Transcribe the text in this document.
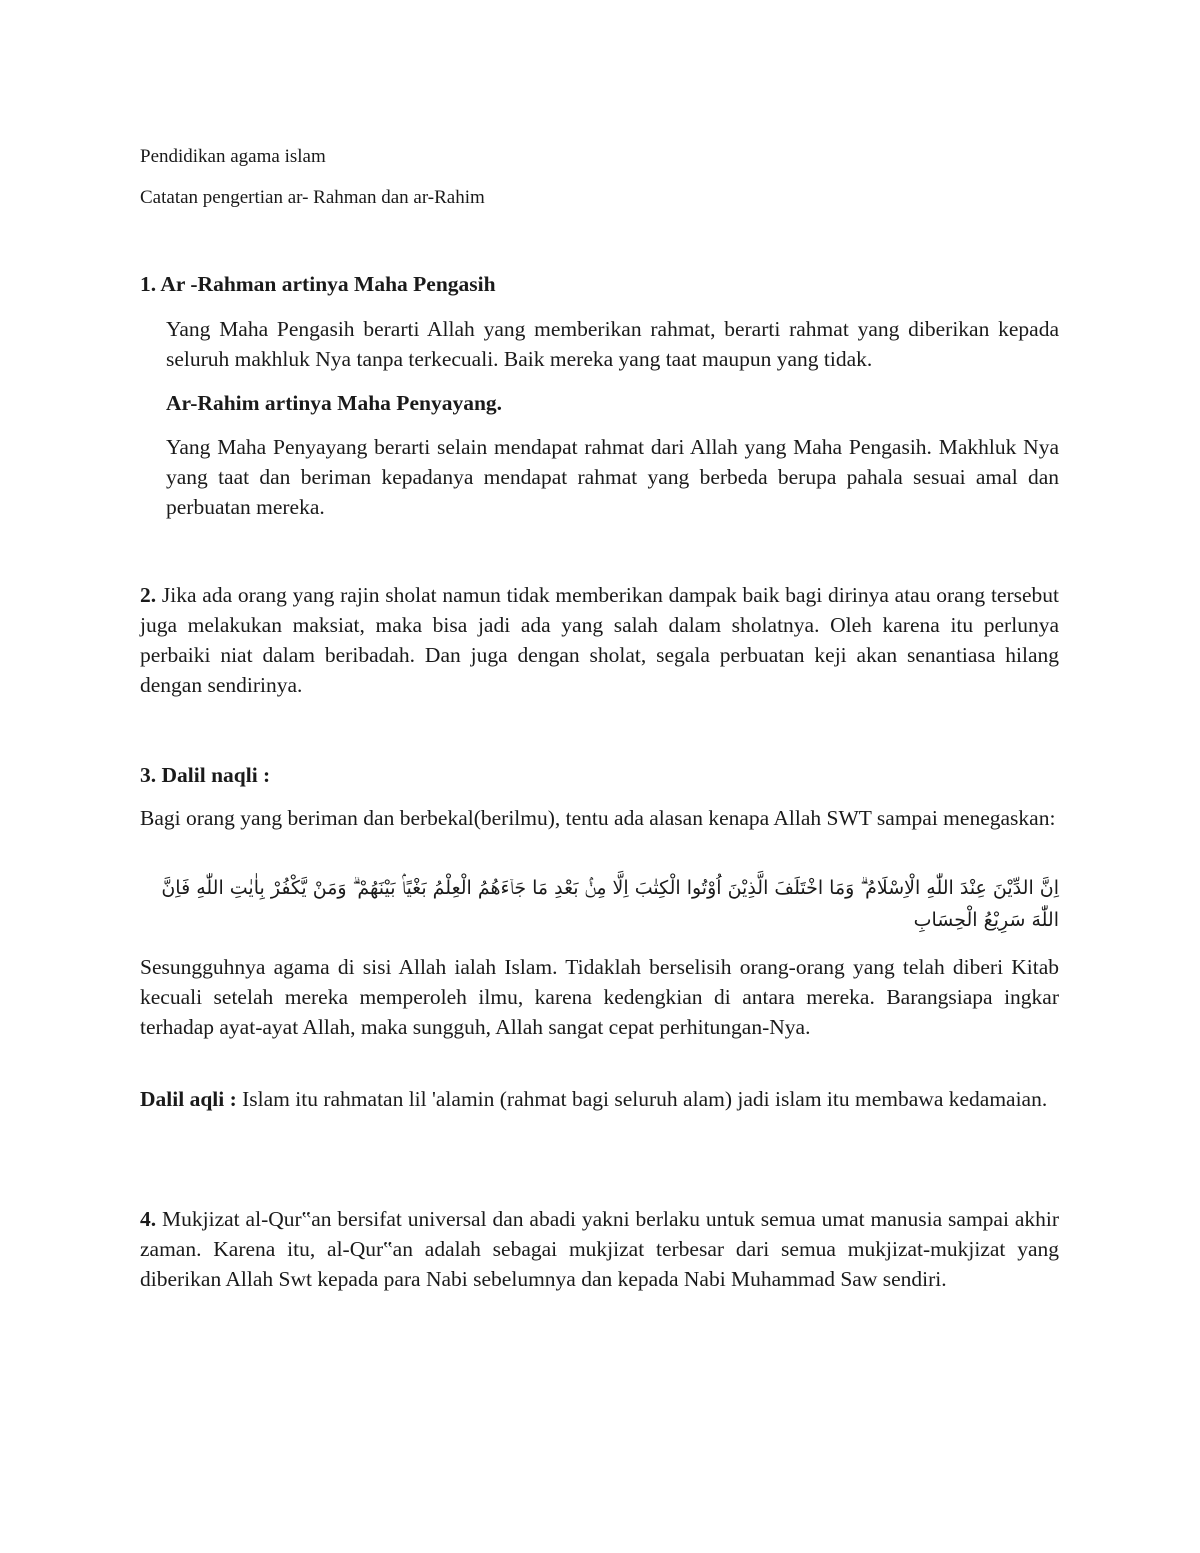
Pendidikan agama islam
Catatan pengertian ar- Rahman dan ar-Rahim
1. Ar -Rahman artinya Maha Pengasih
Yang Maha Pengasih berarti Allah yang memberikan rahmat, berarti rahmat yang diberikan kepada seluruh makhluk Nya tanpa terkecuali. Baik mereka yang taat maupun yang tidak.
Ar-Rahim artinya Maha Penyayang.
Yang Maha Penyayang berarti selain mendapat rahmat dari Allah yang Maha Pengasih. Makhluk Nya yang taat dan beriman kepadanya mendapat rahmat yang berbeda berupa pahala sesuai amal dan perbuatan mereka.
2. Jika ada orang yang rajin sholat namun tidak memberikan dampak baik bagi dirinya atau orang tersebut juga melakukan maksiat, maka bisa jadi ada yang salah dalam sholatnya. Oleh karena itu perlunya perbaiki niat dalam beribadah. Dan juga dengan sholat, segala perbuatan keji akan senantiasa hilang dengan sendirinya.
3. Dalil naqli :
Bagi orang yang beriman dan berbekal(berilmu), tentu ada alasan kenapa Allah SWT sampai menegaskan:
اِنَّ الدِّيْنَ عِنْدَ اللّٰهِ الْاِسْلَامُ ۗ وَمَا اخْتَلَفَ الَّذِيْنَ اُوْتُوا الْكِتٰبَ اِلَّا مِنْۢ بَعْدِ مَا جَاۤءَهُمُ الْعِلْمُ بَغْيًاۢ بَيْنَهُمْ ۗ وَمَنْ يَّكْفُرْ بِاٰيٰتِ اللّٰهِ فَاِنَّ اللّٰهَ سَرِيْعُ الْحِسَابِ
Sesungguhnya agama di sisi Allah ialah Islam. Tidaklah berselisih orang-orang yang telah diberi Kitab kecuali setelah mereka memperoleh ilmu, karena kedengkian di antara mereka. Barangsiapa ingkar terhadap ayat-ayat Allah, maka sungguh, Allah sangat cepat perhitungan-Nya.
Dalil aqli : Islam itu rahmatan lil 'alamin (rahmat bagi seluruh alam) jadi islam itu membawa kedamaian.
4. Mukjizat al-Qur‟an bersifat universal dan abadi yakni berlaku untuk semua umat manusia sampai akhir zaman. Karena itu, al-Qur‟an adalah sebagai mukjizat terbesar dari semua mukjizat-mukjizat yang diberikan Allah Swt kepada para Nabi sebelumnya dan kepada Nabi Muhammad Saw sendiri.
